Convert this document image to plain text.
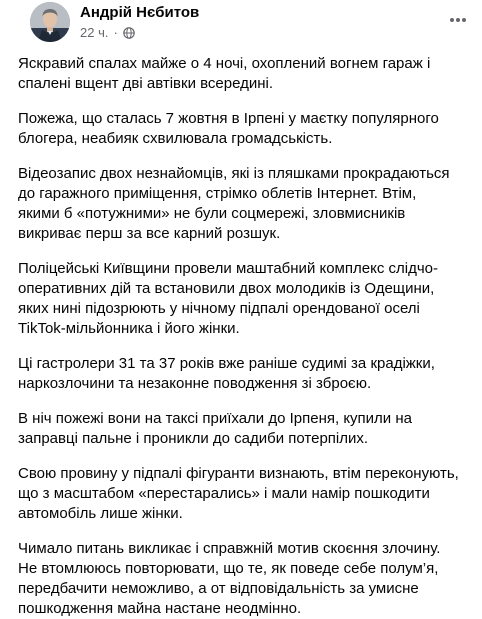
Андрій Нєбитов
22 ч. ·

Яскравий спалах майже о 4 ночі, охоплений вогнем гараж і спалені вщент дві автівки всередині.

Пожежа, що сталась 7 жовтня в Ірпені у маєтку популярного блогера, неабияк схвилювала громадськість.

Відеозапис двох незнайомців, які із пляшками прокрадаються до гаражного приміщення, стрімко облетів Інтернет. Втім, якими б «потужними» не були соцмережі, зловмисників викриває перш за все карний розшук.

Поліцейські Київщини провели маштабний комплекс слідчо-оперативних дій та встановили двох молодиків із Одещини, яких нині підозрюють у нічному підпалі орендованої оселі TikTok-мільйонника і його жінки.

Ці гастролери 31 та 37 років вже раніше судимі за крадіжки, наркозлочини та незаконне поводження зі зброєю.

В ніч пожежі вони на таксі приїхали до Ірпеня, купили на заправці пальне і проникли до садиби потерпілих.

Свою провину у підпалі фігуранти визнають, втім переконують, що з масштабом «перестарались» і мали намір пошкодити автомобіль лише жінки.

Чимало питань викликає і справжній мотив скоєння злочину. Не втомлююсь повторювати, що те, як поведе себе полум’я, передбачити неможливо, а от відповідальність за умисне пошкодження майна настане неодмінно.
